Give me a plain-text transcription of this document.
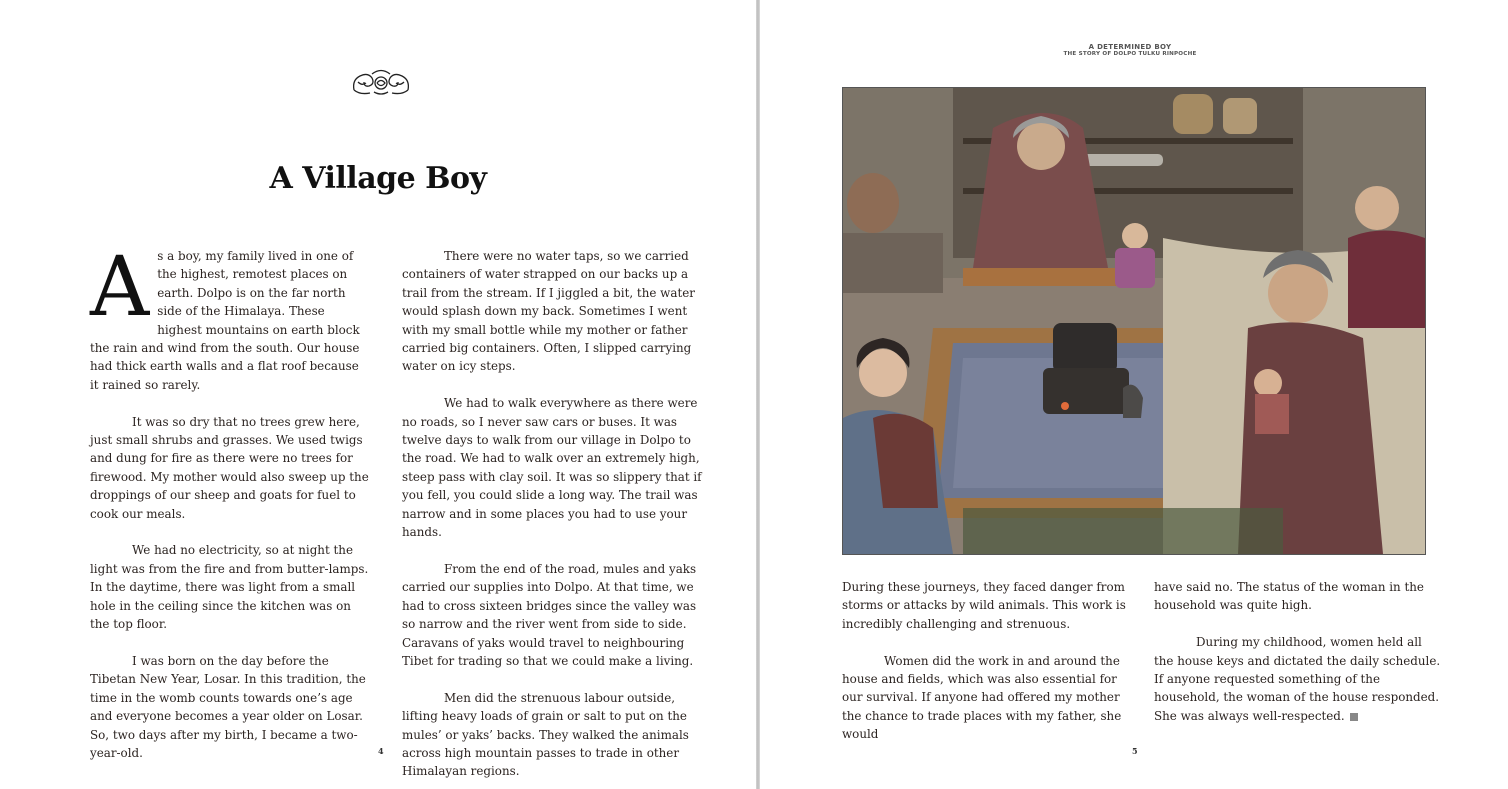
A Village Boy

As a boy, my family lived in one of the highest, remotest places on earth. Dolpo is on the far north side of the Himalaya. These highest mountains on earth block the rain and wind from the south. Our house had thick earth walls and a flat roof because it rained so rarely.

It was so dry that no trees grew here, just small shrubs and grasses. We used twigs and dung for fire as there were no trees for firewood. My mother would also sweep up the droppings of our sheep and goats for fuel to cook our meals.

We had no electricity, so at night the light was from the fire and from butter-lamps. In the daytime, there was light from a small hole in the ceiling since the kitchen was on the top floor.

I was born on the day before the Tibetan New Year, Losar. In this tradition, the time in the womb counts towards one’s age and everyone becomes a year older on Losar. So, two days after my birth, I became a two-year-old.

There were no water taps, so we carried containers of water strapped on our backs up a trail from the stream. If I jiggled a bit, the water would splash down my back. Sometimes I went with my small bottle while my mother or father carried big containers. Often, I slipped carrying water on icy steps.

We had to walk everywhere as there were no roads, so I never saw cars or buses. It was twelve days to walk from our village in Dolpo to the road. We had to walk over an extremely high, steep pass with clay soil. It was so slippery that if you fell, you could slide a long way. The trail was narrow and in some places you had to use your hands.

From the end of the road, mules and yaks carried our supplies into Dolpo. At that time, we had to cross sixteen bridges since the valley was so narrow and the river went from side to side. Caravans of yaks would travel to neighbouring Tibet for trading so that we could make a living.

Men did the strenuous labour outside, lifting heavy loads of grain or salt to put on the mules’ or yaks’ backs. They walked the animals across high mountain passes to trade in other Himalayan regions.

4
A DETERMINED BOY
THE STORY OF DOLPO TULKU RINPOCHE

During these journeys, they faced danger from storms or attacks by wild animals. This work is incredibly challenging and strenuous.

Women did the work in and around the house and fields, which was also essential for our survival. If anyone had offered my mother the chance to trade places with my father, she would

have said no. The status of the woman in the household was quite high.

During my childhood, women held all the house keys and dictated the daily schedule. If anyone requested something of the household, the woman of the house responded. She was always well-respected.

5
